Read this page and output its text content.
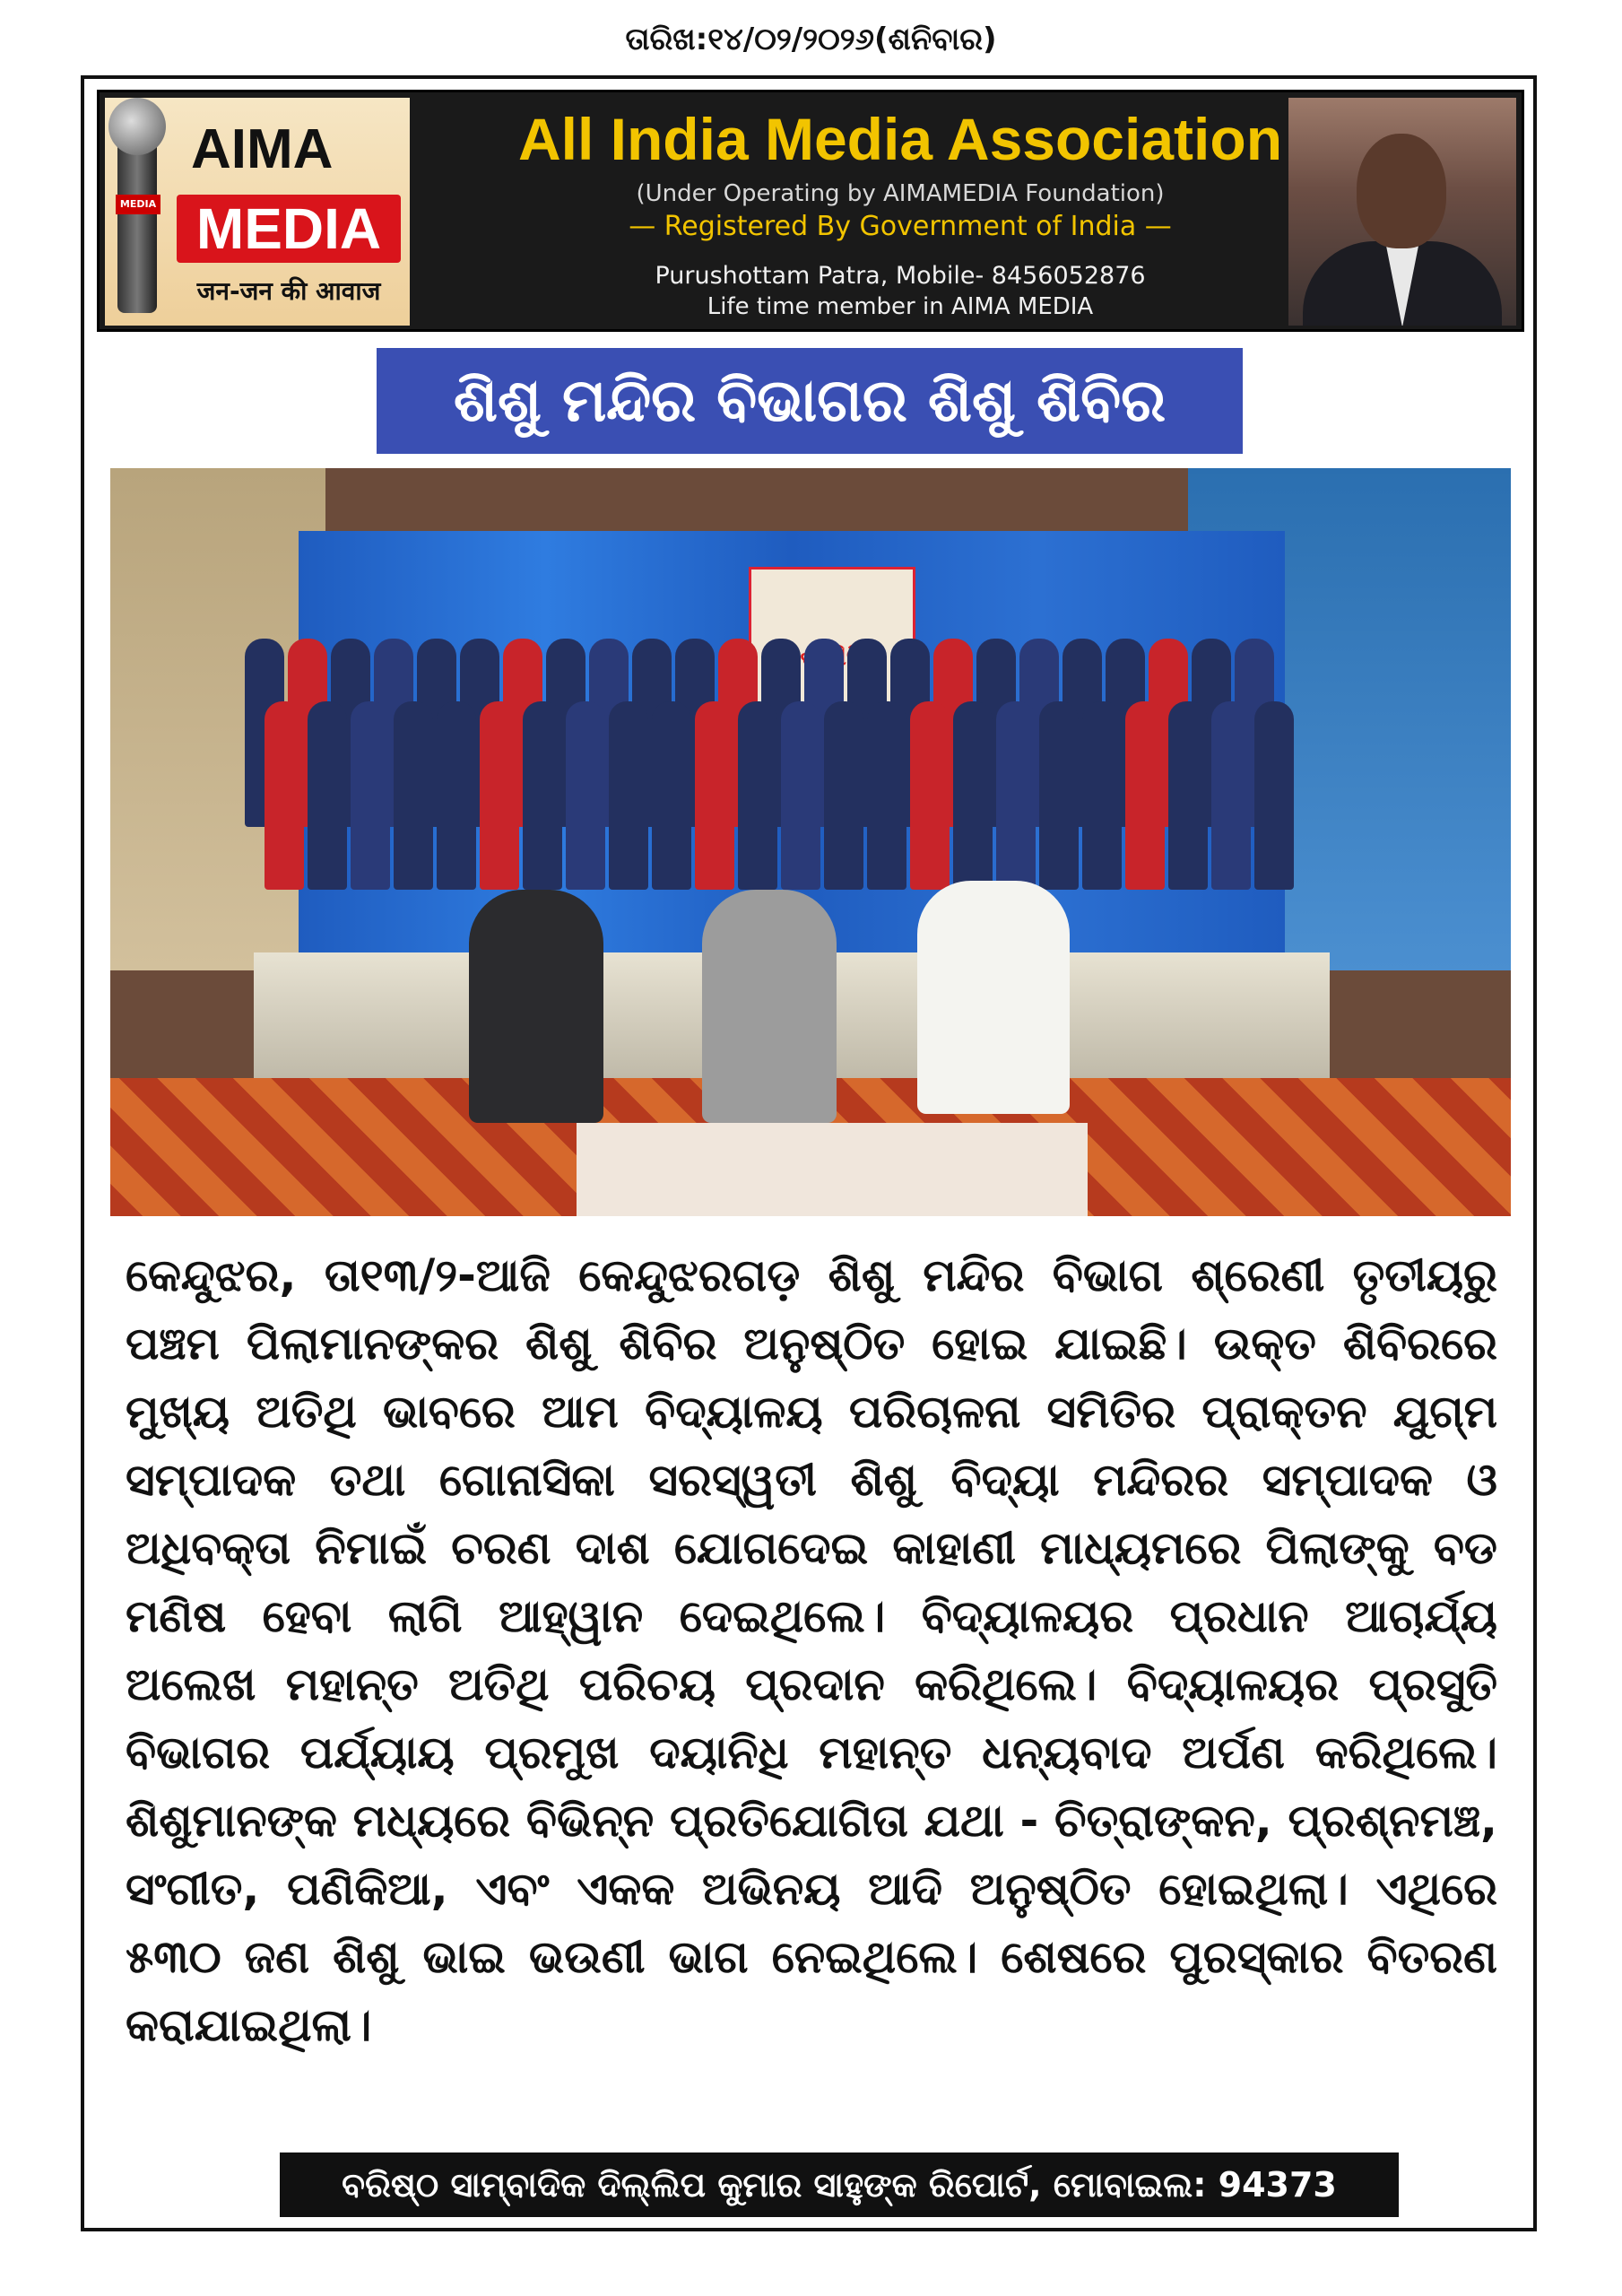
ତାରିଖ:୧୪/୦୨/୨୦୨୬(ଶନିବାର)
MEDIA
AIMA
MEDIA
जन-जन की आवाज
All India Media Association
(Under Operating by AIMAMEDIA Foundation)
— Registered By Government of India —
Purushottam Patra, Mobile- 8456052876
Life time member in AIMA MEDIA
ଶିଶୁ ମନ୍ଦିର ବିଭାଗର ଶିଶୁ ଶିବିର
କେନ୍ଦୁଝର, ତା୧୩/୨-ଆଜି କେନ୍ଦୁଝରଗଡ଼ ଶିଶୁ ମନ୍ଦିର ବିଭାଗ ଶ୍ରେଣୀ ତୃତୀୟରୁ ପଞ୍ଚମ ପିଲାମାନଙ୍କର ଶିଶୁ ଶିବିର ଅନୁଷ୍ଠିତ ହୋଇ ଯାଇଛି। ଉକ୍ତ ଶିବିରରେ ମୁଖ୍ୟ ଅତିଥି ଭାବରେ ଆମ ବିଦ୍ୟାଳୟ ପରିଚାଳନା ସମିତିର ପ୍ରାକ୍ତନ ଯୁଗ୍ମ ସମ୍ପାଦକ ତଥା ଗୋନାସିକା ସରସ୍ୱତୀ ଶିଶୁ ବିଦ୍ୟା ମନ୍ଦିରର ସମ୍ପାଦକ ଓ ଅଧିବକ୍ତା ନିମାଇଁ ଚରଣ ଦାଶ ଯୋଗଦେଇ କାହାଣୀ ମାଧ୍ୟମରେ ପିଲାଙ୍କୁ ବଡ ମଣିଷ ହେବା ଲାଗି ଆହ୍ୱାନ ଦେଇଥିଲେ। ବିଦ୍ୟାଳୟର ପ୍ରଧାନ ଆଚାର୍ଯ୍ୟ ଅଲେଖ ମହାନ୍ତ ଅତିଥି ପରିଚୟ ପ୍ରଦାନ କରିଥିଲେ। ବିଦ୍ୟାଳୟର ପ୍ରସୁତି ବିଭାଗର ପର୍ଯ୍ୟାୟ ପ୍ରମୁଖ ଦୟାନିଧି ମହାନ୍ତ ଧନ୍ୟବାଦ ଅର୍ପଣ କରିଥିଲେ। ଶିଶୁମାନଙ୍କ ମଧ୍ୟରେ ବିଭିନ୍ନ ପ୍ରତିଯୋଗିତା ଯଥା - ଚିତ୍ରାଙ୍କନ, ପ୍ରଶ୍ନମଞ୍ଚ, ସଂଗୀତ, ପଣିକିଆ, ଏବଂ ଏକକ ଅଭିନୟ ଆଦି ଅନୁଷ୍ଠିତ ହୋଇଥିଲା। ଏଥିରେ ୫୩୦ ଜଣ ଶିଶୁ ଭାଇ ଭଉଣୀ ଭାଗ ନେଇଥିଲେ। ଶେଷରେ ପୁରସ୍କାର ବିତରଣ କରାଯାଇଥିଲା।
ବରିଷ୍ଠ ସାମ୍ବାଦିକ ଦିଲ୍ଲିପ କୁମାର ସାହୁଙ୍କ ରିପୋର୍ଟ, ମୋବାଇଲ: 94373 78792
